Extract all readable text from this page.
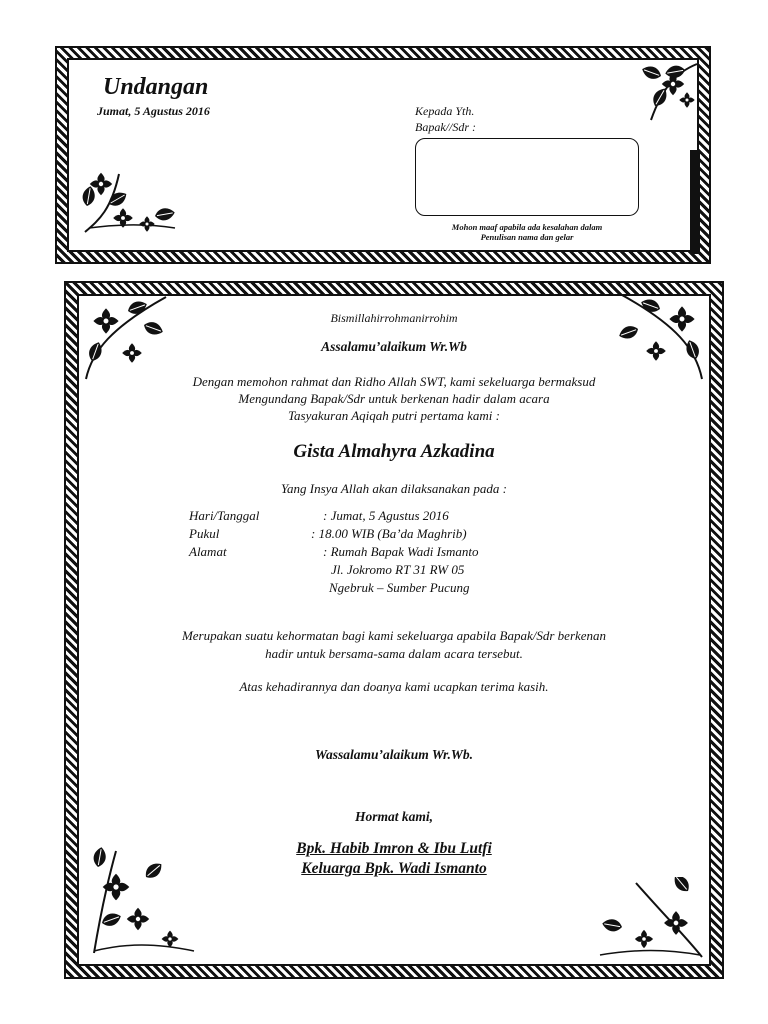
Undangan
Jumat, 5 Agustus 2016	Kepada Yth.
Bapak//Sdr :
Mohon maaf apabila ada kesalahan dalam
Penulisan nama dan gelar
Bismillahirrohmanirrohim
Assalamu’alaikum Wr.Wb
Dengan memohon rahmat dan Ridho Allah SWT, kami sekeluarga bermaksud
Mengundang Bapak/Sdr untuk berkenan hadir dalam acara
Tasyakuran Aqiqah putri pertama kami :
Gista Almahyra Azkadina
Yang Insya Allah akan dilaksanakan pada :
Hari/Tanggal	: Jumat, 5 Agustus 2016
Pukul	: 18.00 WIB (Ba’da Maghrib)
Alamat	: Rumah Bapak Wadi Ismanto
Jl. Jokromo RT 31 RW 05
Ngebruk – Sumber Pucung
Merupakan suatu kehormatan bagi kami sekeluarga apabila Bapak/Sdr berkenan
hadir untuk bersama-sama dalam acara tersebut.
Atas kehadirannya dan doanya kami ucapkan terima kasih.
Wassalamu’alaikum Wr.Wb.
Hormat kami,
Bpk. Habib Imron & Ibu Lutfi
Keluarga Bpk. Wadi Ismanto
